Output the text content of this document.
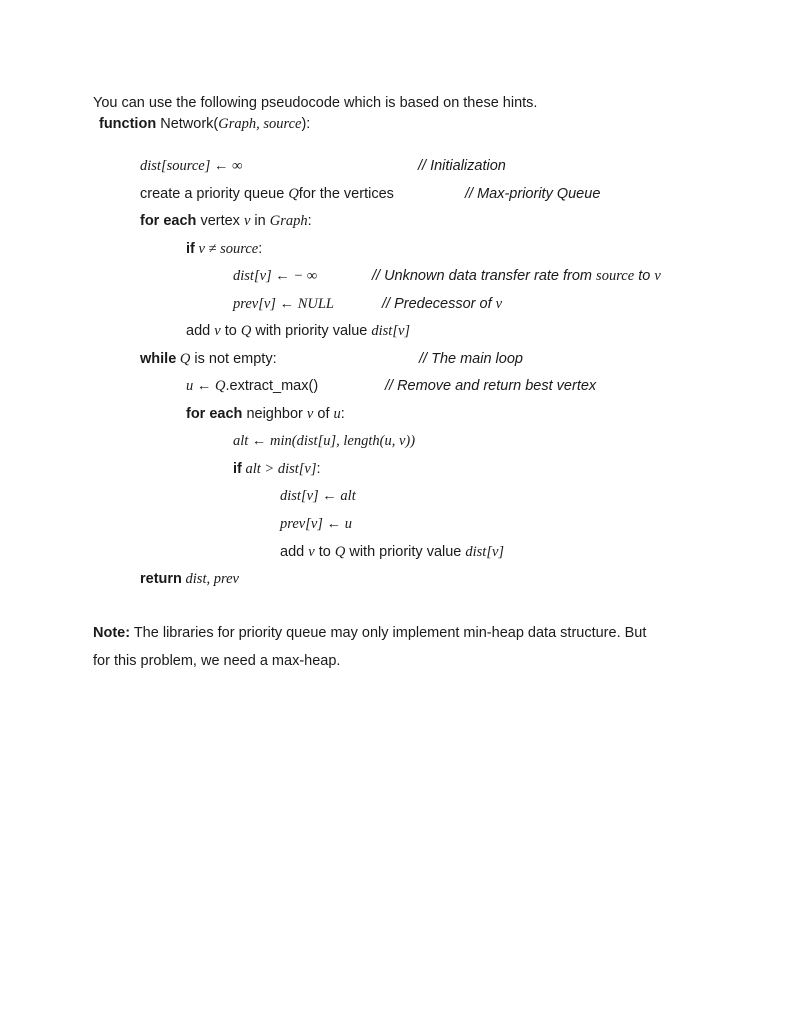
You can use the following pseudocode which is based on these hints.
function Network(Graph, source):
dist[source] ← ∞	// Initialization
create a priority queue Qfor the vertices	// Max-priority Queue
for each vertex v in Graph:
if v ≠ source:
dist[v] ← − ∞	// Unknown data transfer rate from source to v
prev[v] ← NULL	// Predecessor of v
add v to Q with priority value dist[v]
while Q is not empty:	// The main loop
u ← Q.extract_max()	// Remove and return best vertex
for each neighbor v of u:
alt ← min(dist[u], length(u, v))
if alt > dist[v]:
dist[v] ← alt
prev[v] ← u
add v to Q with priority value dist[v]
return dist, prev
Note: The libraries for priority queue may only implement min-heap data structure. But
for this problem, we need a max-heap.
